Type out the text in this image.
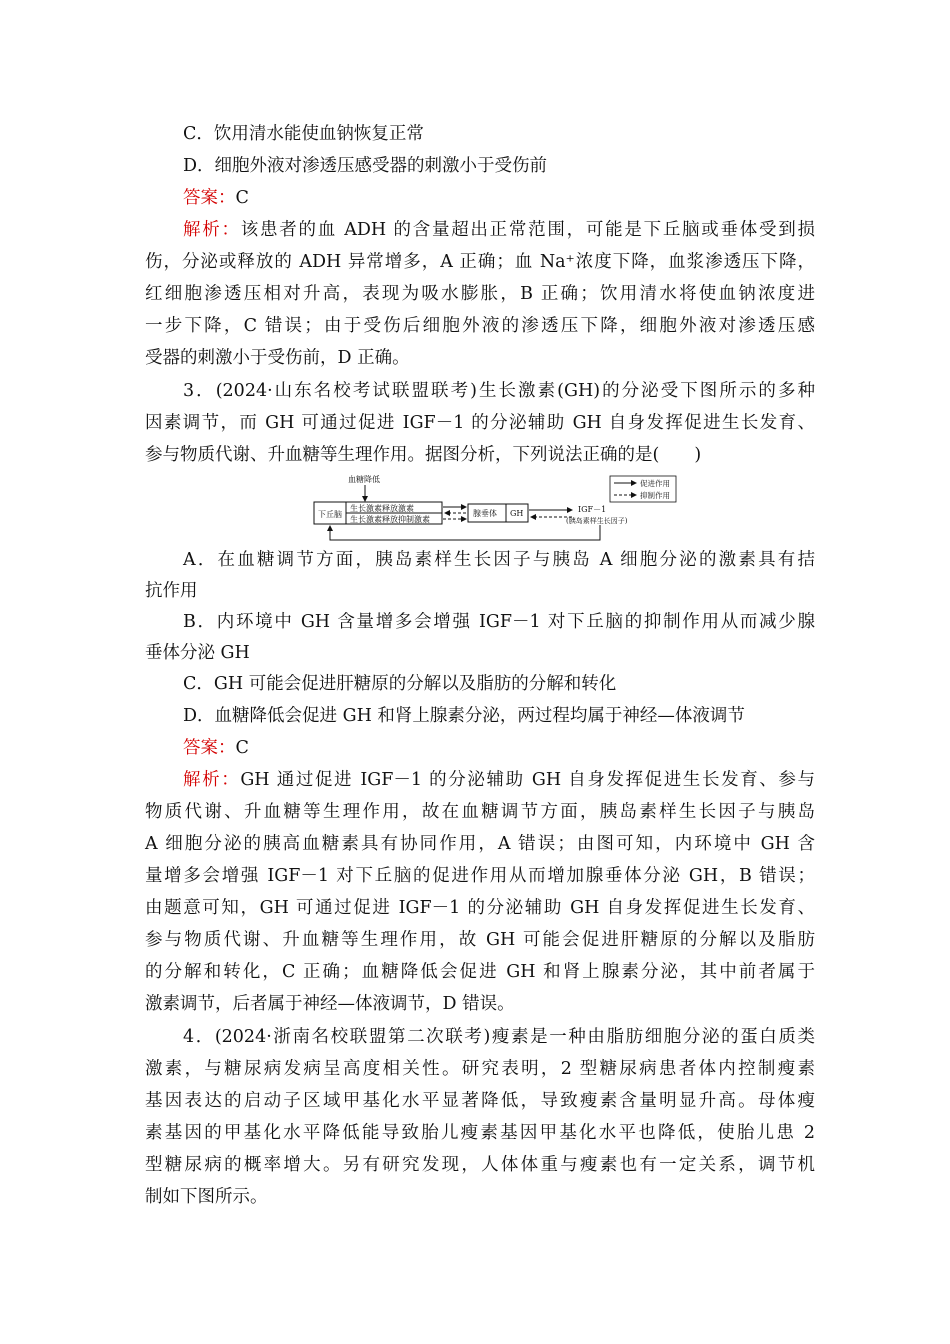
C．饮用清水能使血钠恢复正常
D．细胞外液对渗透压感受器的刺激小于受伤前
答案：C
解析：该患者的血 ADH 的含量超出正常范围，可能是下丘脑或垂体受到损
伤，分泌或释放的 ADH 异常增多，A 正确；血 Na⁺浓度下降，血浆渗透压下降，
红细胞渗透压相对升高，表现为吸水膨胀，B 正确；饮用清水将使血钠浓度进
一步下降，C 错误；由于受伤后细胞外液的渗透压下降，细胞外液对渗透压感
受器的刺激小于受伤前，D 正确。
3．(2024·山东名校考试联盟联考)生长激素(GH)的分泌受下图所示的多种
因素调节，而 GH 可通过促进 IGF－1 的分泌辅助 GH 自身发挥促进生长发育、
参与物质代谢、升血糖等生理作用。据图分析，下列说法正确的是(　　)
血糖降低
下丘脑
生长激素释放激素
生长激素释放抑制激素
腺垂体 GH	IGF－1
(胰岛素样生长因子)
促进作用
抑制作用
A．在血糖调节方面，胰岛素样生长因子与胰岛 A 细胞分泌的激素具有拮
抗作用
B．内环境中 GH 含量增多会增强 IGF－1 对下丘脑的抑制作用从而减少腺
垂体分泌 GH
C．GH 可能会促进肝糖原的分解以及脂肪的分解和转化
D．血糖降低会促进 GH 和肾上腺素分泌，两过程均属于神经—体液调节
答案：C
解析：GH 通过促进 IGF－1 的分泌辅助 GH 自身发挥促进生长发育、参与
物质代谢、升血糖等生理作用，故在血糖调节方面，胰岛素样生长因子与胰岛
A 细胞分泌的胰高血糖素具有协同作用，A 错误；由图可知，内环境中 GH 含
量增多会增强 IGF－1 对下丘脑的促进作用从而增加腺垂体分泌 GH，B 错误；
由题意可知，GH 可通过促进 IGF－1 的分泌辅助 GH 自身发挥促进生长发育、
参与物质代谢、升血糖等生理作用，故 GH 可能会促进肝糖原的分解以及脂肪
的分解和转化，C 正确；血糖降低会促进 GH 和肾上腺素分泌，其中前者属于
激素调节，后者属于神经—体液调节，D 错误。
4．(2024·浙南名校联盟第二次联考)瘦素是一种由脂肪细胞分泌的蛋白质类
激素，与糖尿病发病呈高度相关性。研究表明，2 型糖尿病患者体内控制瘦素
基因表达的启动子区域甲基化水平显著降低，导致瘦素含量明显升高。母体瘦
素基因的甲基化水平降低能导致胎儿瘦素基因甲基化水平也降低，使胎儿患 2
型糖尿病的概率增大。另有研究发现，人体体重与瘦素也有一定关系，调节机
制如下图所示。
